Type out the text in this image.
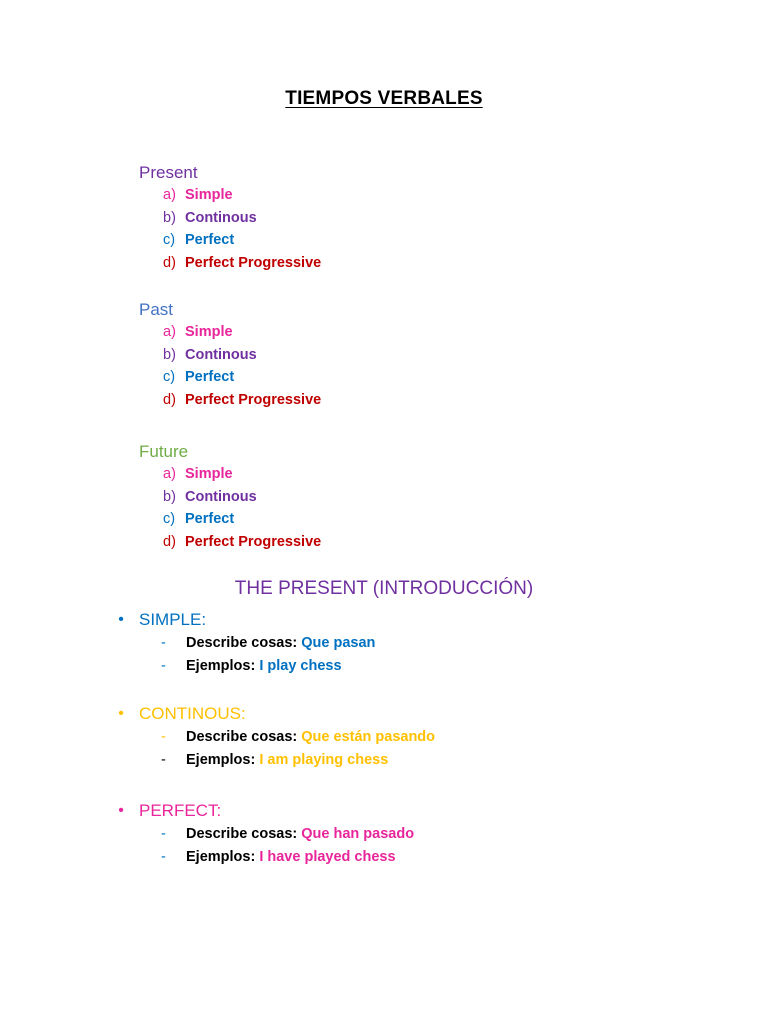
TIEMPOS VERBALES
Present
a) Simple
b) Continous
c) Perfect
d) Perfect Progressive
Past
a) Simple
b) Continous
c) Perfect
d) Perfect Progressive
Future
a) Simple
b) Continous
c) Perfect
d) Perfect Progressive
THE PRESENT (INTRODUCCIÓN)
• SIMPLE:
- Describe cosas: Que pasan
- Ejemplos: I play chess
• CONTINOUS:
- Describe cosas: Que están pasando
- Ejemplos: I am playing chess
• PERFECT:
- Describe cosas: Que han pasado
- Ejemplos: I have played chess
